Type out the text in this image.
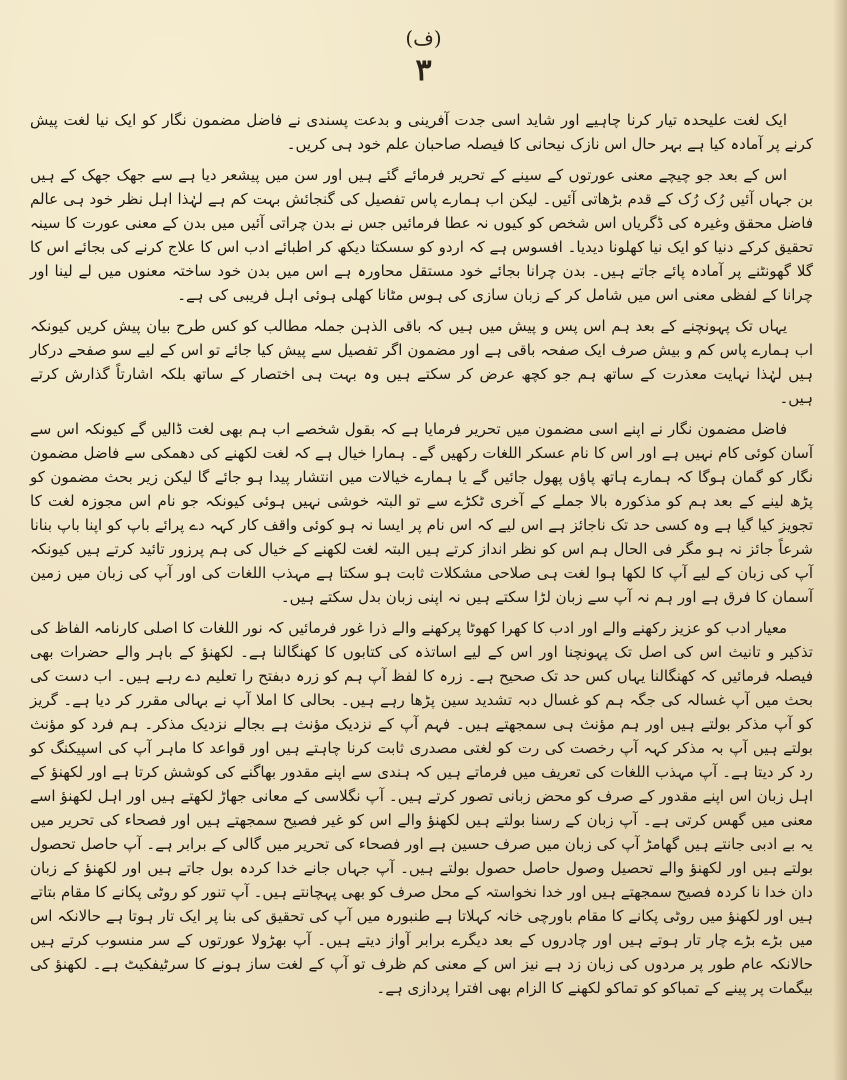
(ف)
٣

ایک لغت علیحدہ تیار کرنا چاہیے اور شاید اسی جدت آفرینی و بدعت پسندی نے فاضل مضمون نگار کو ایک نیا لغت پیش کرنے پر آمادہ کیا ہے بہر حال اس نازک نیحانی کا فیصلہ صاحبان علم خود ہی کریں۔

اس کے بعد جو چیچے معنی عورتوں کے سینے کے تحریر فرمائے گئے ہیں اور سن میں پیشعر دیا ہے سے جھک جھک کے ہیں بن جہاں آئیں رُک رُک کے قدم بڑھاتی آئیں۔ لیکن اب ہمارے پاس تفصیل کی گنجائش بہت کم ہے لہٰذا اہل نظر خود ہی عالم فاضل محقق وغیرہ کی ڈگریاں اس شخص کو کیوں نہ عطا فرمائیں جس نے بدن چراتی آئیں میں بدن کے معنی عورت کا سینہ تحقیق کرکے دنیا کو ایک نیا کھلونا دیدیا۔ افسوس ہے کہ اردو کو سسکتا دیکھ کر اطبائے ادب اس کا علاج کرنے کی بجائے اس کا گلا گھونٹنے پر آمادہ پائے جاتے ہیں۔ بدن چرانا بجائے خود مستقل محاورہ ہے اس میں بدن خود ساختہ معنوں میں لے لینا اور چرانا کے لفظی معنی اس میں شامل کر کے زبان سازی کی ہوس مٹانا کھلی ہوئی اہل فریبی کی ہے۔

یہاں تک پہونچنے کے بعد ہم اس پس و پیش میں ہیں کہ باقی الذہن جملہ مطالب کو کس طرح بیان پیش کریں کیونکہ اب ہمارے پاس کم و بیش صرف ایک صفحہ باقی ہے اور مضمون اگر تفصیل سے پیش کیا جائے تو اس کے لیے سو صفحے درکار ہیں لہٰذا نہایت معذرت کے ساتھ ہم جو کچھ عرض کر سکتے ہیں وہ بہت ہی اختصار کے ساتھ بلکہ اشارتاً گذارش کرتے ہیں۔

فاضل مضمون نگار نے اپنے اسی مضمون میں تحریر فرمایا ہے کہ بقول شخصے اب ہم بھی لغت ڈالیں گے کیونکہ اس سے آسان کوئی کام نہیں ہے اور اس کا نام عسکر اللغات رکھیں گے۔ ہمارا خیال ہے کہ لغت لکھنے کی دھمکی سے فاضل مضمون نگار کو گمان ہوگا کہ ہمارے ہاتھ پاؤں پھول جائیں گے یا ہمارے خیالات میں انتشار پیدا ہو جائے گا لیکن زیر بحث مضمون کو پڑھ لینے کے بعد ہم کو مذکورہ بالا جملے کے آخری ٹکڑے سے تو البتہ خوشی نہیں ہوئی کیونکہ جو نام اس مجوزہ لغت کا تجویز کیا گیا ہے وہ کسی حد تک ناجائز ہے اس لیے کہ اس نام پر ایسا نہ ہو کوئی واقف کار کہہ دے پرائے باپ کو اپنا باپ بنانا شرعاً جائز نہ ہو مگر فی الحال ہم اس کو نظر انداز کرتے ہیں البتہ لغت لکھنے کے خیال کی ہم پرزور تائید کرتے ہیں کیونکہ آپ کی زبان کے لیے آپ کا لکھا ہوا لغت ہی صلاحی مشکلات ثابت ہو سکتا ہے مہذب اللغات کی اور آپ کی زبان میں زمین آسمان کا فرق ہے اور ہم نہ آپ سے زبان لڑا سکتے ہیں نہ اپنی زبان بدل سکتے ہیں۔

معیار ادب کو عزیز رکھنے والے اور ادب کا کھرا کھوٹا پرکھنے والے ذرا غور فرمائیں کہ نور اللغات کا اصلی کارنامہ الفاظ کی تذکیر و تانیث اس کی اصل تک پہونچنا اور اس کے لیے اساتذہ کی کتابوں کا کھنگالنا ہے۔ لکھنؤ کے باہر والے حضرات بھی فیصلہ فرمائیں کہ کھنگالنا یہاں کس حد تک صحیح ہے۔ زرہ کا لفظ آپ ہم کو زرہ دبفتح را تعلیم دے رہے ہیں۔ اب دست کی بحث میں آپ غسالہ کی جگہ ہم کو غسال دبہ تشدید سین پڑھا رہے ہیں۔ بحالی کا املا آپ نے بہالی مقرر کر دیا ہے۔ گریز کو آپ مذکر بولتے ہیں اور ہم مؤنث ہی سمجھتے ہیں۔ فہم آپ کے نزدیک مؤنث ہے بجالے نزدیک مذکر۔ ہم فرد کو مؤنث بولتے ہیں آپ بہ مذکر کہہ آپ رخصت کی رت کو لغتی مصدری ثابت کرنا چاہتے ہیں اور قواعد کا ماہر آپ کی اسپیکنگ کو رد کر دیتا ہے۔ آپ مہذب اللغات کی تعریف میں فرماتے ہیں کہ ہندی سے اپنے مقدور بھاگنے کی کوشش کرتا ہے اور لکھنؤ کے اہل زبان اس اپنے مقدور کے صرف کو محض زبانی تصور کرتے ہیں۔ آپ نگلاسی کے معانی جھاڑ لکھتے ہیں اور اہل لکھنؤ اسے معنی میں گھس کرتی ہے۔ آپ زبان کے رسنا بولتے ہیں لکھنؤ والے اس کو غیر فصیح سمجھتے ہیں اور فصحاء کی تحریر میں یہ بے ادبی جانتے ہیں گھامڑ آپ کی زبان میں صرف حسین ہے اور فصحاء کی تحریر میں گالی کے برابر ہے۔ آپ حاصل تحصول بولتے ہیں اور لکھنؤ والے تحصیل وصول حاصل حصول بولتے ہیں۔ آپ جہاں جانے خدا کردہ بول جاتے ہیں اور لکھنؤ کے زبان دان خدا نا کردہ فصیح سمجھتے ہیں اور خدا نخواستہ کے محل صرف کو بھی پہچانتے ہیں۔ آپ تنور کو روٹی پکانے کا مقام بتاتے ہیں اور لکھنؤ میں روٹی پکانے کا مقام باورچی خانہ کہلاتا ہے طنبورہ میں آپ کی تحقیق کی بنا پر ایک تار ہوتا ہے حالانکہ اس میں بڑے بڑے چار تار ہوتے ہیں اور چادروں کے بعد دیگرے برابر آواز دیتے ہیں۔ آپ بھڑولا عورتوں کے سر منسوب کرتے ہیں حالانکہ عام طور پر مردوں کی زبان زد ہے نیز اس کے معنی کم ظرف تو آپ کے لغت ساز ہونے کا سرٹیفکیٹ ہے۔ لکھنؤ کی بیگمات پر پینے کے تمباکو کو تماکو لکھنے کا الزام بھی افترا پردازی ہے۔
